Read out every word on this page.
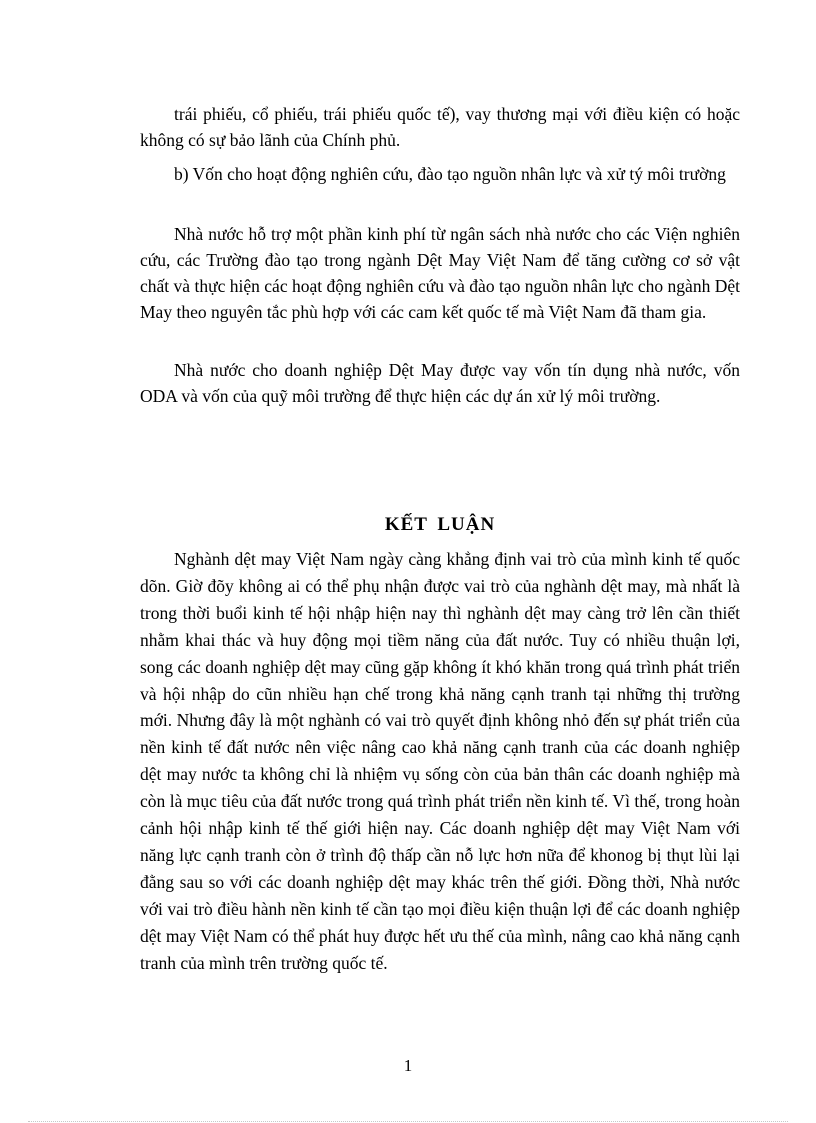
trái phiếu, cổ phiếu, trái phiếu quốc tế), vay thương mại với điều kiện có hoặc không có sự bảo lãnh của Chính phủ.

b) Vốn cho hoạt động nghiên cứu, đào tạo nguồn nhân lực và xử tý môi trường

Nhà nước hỗ trợ một phần kinh phí từ ngân sách nhà nước cho các Viện nghiên cứu, các Trường đào tạo trong ngành Dệt May Việt Nam để tăng cường cơ sở vật chất và thực hiện các hoạt động nghiên cứu và đào tạo nguồn nhân lực cho ngành Dệt May theo nguyên tắc phù hợp với các cam kết quốc tế mà Việt Nam đã tham gia.

Nhà nước cho doanh nghiệp Dệt May được vay vốn tín dụng nhà nước, vốn ODA và vốn của quỹ môi trường để thực hiện các dự án xử lý môi trường.

KẾT LUẬN

Nghành dệt may Việt Nam ngày càng khẳng định vai trò của mình kinh tế quốc dõn. Giờ đõy không ai có thể phụ nhận được vai trò của nghành dệt may, mà nhất là trong thời buổi kinh tế hội nhập hiện nay thì nghành dệt may càng trở lên cần thiết nhằm khai thác và huy động mọi tiềm năng của đất nước. Tuy có nhiều thuận lợi, song các doanh nghiệp dệt may cũng gặp không ít khó khăn trong quá trình phát triển và hội nhập do cũn nhiều hạn chế trong khả năng cạnh tranh tại những thị trường mới. Nhưng đây là một nghành có vai trò quyết định không nhỏ đến sự phát triển của nền kinh tế đất nước nên việc nâng cao khả năng cạnh tranh của các doanh nghiệp dệt may nước ta không chỉ là nhiệm vụ sống còn của bản thân các doanh nghiệp mà còn là mục tiêu của đất nước trong quá trình phát triển nền kinh tế. Vì thế, trong hoàn cảnh hội nhập kinh tế thế giới hiện nay. Các doanh nghiệp dệt may Việt Nam với năng lực cạnh tranh còn ở trình độ thấp cần nỗ lực hơn nữa để khonog bị thụt lùi lại đằng sau so với các doanh nghiệp dệt may khác trên thế giới. Đồng thời, Nhà nước với vai trò điều hành nền kinh tế cần tạo mọi điều kiện thuận lợi để các doanh nghiệp dệt may Việt Nam có thể phát huy được hết ưu thế của mình, nâng cao khả năng cạnh tranh của mình trên trường quốc tế.

1
